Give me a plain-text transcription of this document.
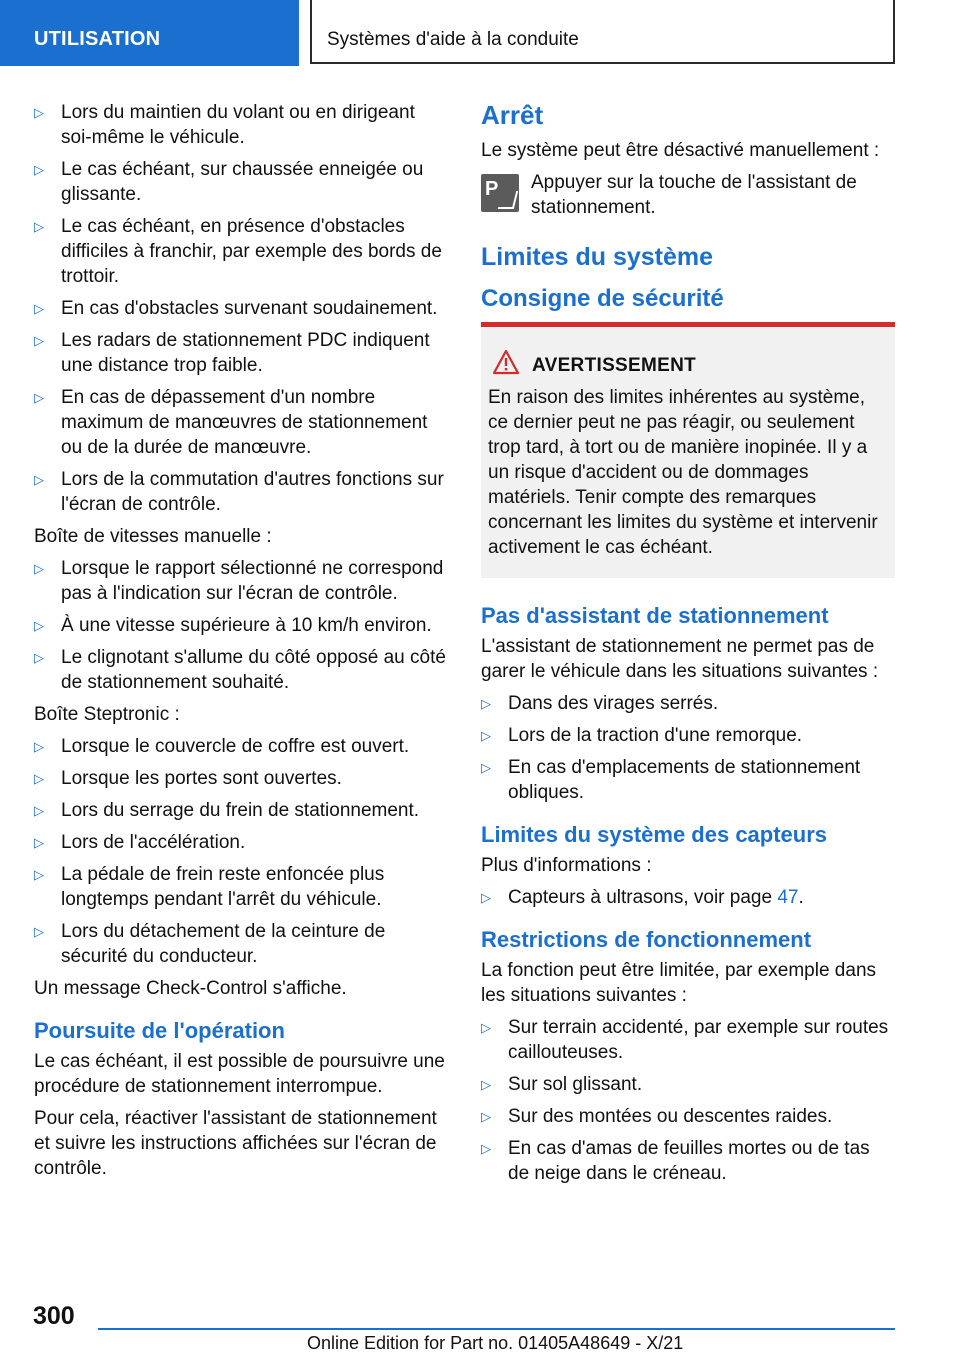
UTILISATION	Systèmes d'aide à la conduite
▷ Lors du maintien du volant ou en dirigeant soi-même le véhicule.
▷ Le cas échéant, sur chaussée enneigée ou glissante.
▷ Le cas échéant, en présence d'obstacles difficiles à franchir, par exemple des bords de trottoir.
▷ En cas d'obstacles survenant soudainement.
▷ Les radars de stationnement PDC indiquent une distance trop faible.
▷ En cas de dépassement d'un nombre maximum de manœuvres de stationnement ou de la durée de manœuvre.
▷ Lors de la commutation d'autres fonctions sur l'écran de contrôle.

Boîte de vitesses manuelle :

▷ Lorsque le rapport sélectionné ne correspond pas à l'indication sur l'écran de contrôle.
▷ À une vitesse supérieure à 10 km/h environ.
▷ Le clignotant s'allume du côté opposé au côté de stationnement souhaité.

Boîte Steptronic :

▷ Lorsque le couvercle de coffre est ouvert.
▷ Lorsque les portes sont ouvertes.
▷ Lors du serrage du frein de stationnement.
▷ Lors de l'accélération.
▷ La pédale de frein reste enfoncée plus longtemps pendant l'arrêt du véhicule.
▷ Lors du détachement de la ceinture de sécurité du conducteur.

Un message Check-Control s'affiche.

Poursuite de l'opération

Le cas échéant, il est possible de poursuivre une procédure de stationnement interrompue.

Pour cela, réactiver l'assistant de stationnement et suivre les instructions affichées sur l'écran de contrôle.

Arrêt

Le système peut être désactivé manuellement :

P Appuyer sur la touche de l'assistant de stationnement.
Limites du système
Consigne de sécurité
AVERTISSEMENT
En raison des limites inhérentes au système, ce dernier peut ne pas réagir, ou seulement trop tard, à tort ou de manière inopinée. Il y a un risque d'accident ou de dommages matériels. Tenir compte des remarques concernant les limites du système et intervenir activement le cas échéant.
Pas d'assistant de stationnement

L'assistant de stationnement ne permet pas de garer le véhicule dans les situations suivantes :

▷ Dans des virages serrés.
▷ Lors de la traction d'une remorque.
▷ En cas d'emplacements de stationnement obliques.
Limites du système des capteurs

Plus d'informations :

▷ Capteurs à ultrasons, voir page 47.
Restrictions de fonctionnement

La fonction peut être limitée, par exemple dans les situations suivantes :

▷ Sur terrain accidenté, par exemple sur routes caillouteuses.
▷ Sur sol glissant.
▷ Sur des montées ou descentes raides.
▷ En cas d'amas de feuilles mortes ou de tas de neige dans le créneau.
300
Online Edition for Part no. 01405A48649 - X/21
